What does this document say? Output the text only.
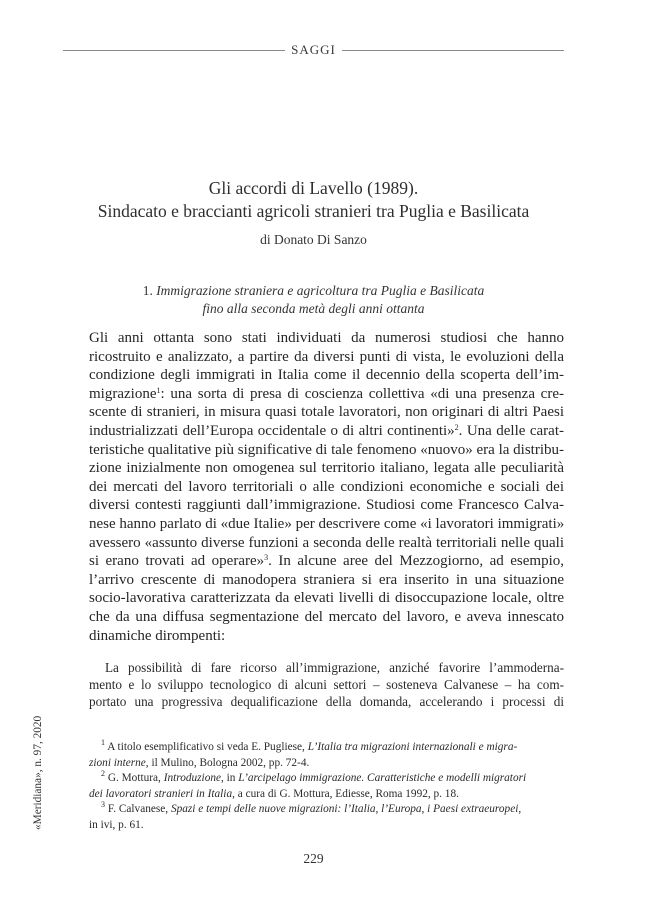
SAGGI
Gli accordi di Lavello (1989).
Sindacato e braccianti agricoli stranieri tra Puglia e Basilicata
di Donato Di Sanzo
1. Immigrazione straniera e agricoltura tra Puglia e Basilicata
fino alla seconda metà degli anni ottanta
Gli anni ottanta sono stati individuati da numerosi studiosi che hanno
ricostruito e analizzato, a partire da diversi punti di vista, le evoluzioni della
condizione degli immigrati in Italia come il decennio della scoperta dell’im-
migrazione$^1$: una sorta di presa di coscienza collettiva «di una presenza cre-
scente di stranieri, in misura quasi totale lavoratori, non originari di altri Paesi
industrializzati dell’Europa occidentale o di altri continenti»$^2$. Una delle carat-
teristiche qualitative più significative di tale fenomeno «nuovo» era la distribu-
zione inizialmente non omogenea sul territorio italiano, legata alle peculiarità
dei mercati del lavoro territoriali o alle condizioni economiche e sociali dei
diversi contesti raggiunti dall’immigrazione. Studiosi come Francesco Calva-
nese hanno parlato di «due Italie» per descrivere come «i lavoratori immigrati»
avessero «assunto diverse funzioni a seconda delle realtà territoriali nelle quali
si erano trovati ad operare»$^3$. In alcune aree del Mezzogiorno, ad esempio,
l’arrivo crescente di manodopera straniera si era inserito in una situazione
socio-lavorativa caratterizzata da elevati livelli di disoccupazione locale, oltre
che da una diffusa segmentazione del mercato del lavoro, e aveva innescato
dinamiche dirompenti:
La possibilità di fare ricorso all’immigrazione, anziché favorire l’ammoderna-
mento e lo sviluppo tecnologico di alcuni settori – sosteneva Calvanese – ha com-
portato una progressiva dequalificazione della domanda, accelerando i processi di
$^1$ A titolo esemplificativo si veda E. Pugliese, L’Italia tra migrazioni internazionali e migra-
zioni interne, il Mulino, Bologna 2002, pp. 72-4.
$^2$ G. Mottura, Introduzione, in L’arcipelago immigrazione. Caratteristiche e modelli migratori
dei lavoratori stranieri in Italia, a cura di G. Mottura, Ediesse, Roma 1992, p. 18.
$^3$ F. Calvanese, Spazi e tempi delle nuove migrazioni: l’Italia, l’Europa, i Paesi extraeuropei,
in ivi, p. 61.
«Meridiana», n. 97, 2020
229
